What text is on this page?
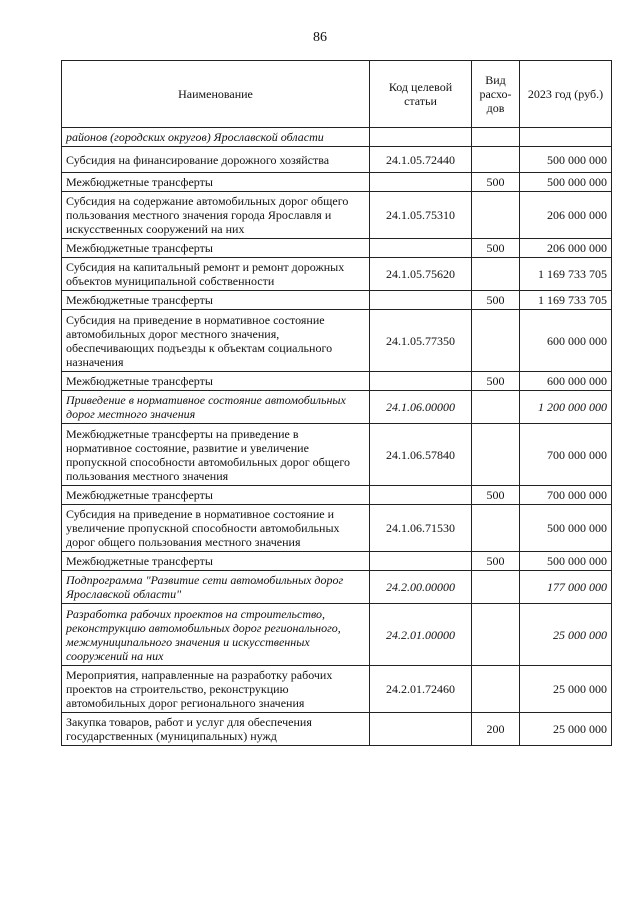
86
Наименование	Код целевой статьи	Вид расхо-дов	2023 год (руб.)
районов (городских округов) Ярославской области			
Субсидия на финансирование дорожного хозяйства	24.1.05.72440		500 000 000
Межбюджетные трансферты		500	500 000 000
Субсидия на содержание автомобильных дорог общего пользования местного значения города Ярославля и искусственных сооружений на них	24.1.05.75310		206 000 000
Межбюджетные трансферты		500	206 000 000
Субсидия на капитальный ремонт и ремонт дорожных объектов муниципальной собственности	24.1.05.75620		1 169 733 705
Межбюджетные трансферты		500	1 169 733 705
Субсидия на приведение в нормативное состояние автомобильных дорог местного значения, обеспечивающих подъезды к объектам социального назначения	24.1.05.77350		600 000 000
Межбюджетные трансферты		500	600 000 000
Приведение в нормативное состояние автомобильных дорог местного значения	24.1.06.00000		1 200 000 000
Межбюджетные трансферты на приведение в нормативное состояние, развитие и увеличение пропускной способности автомобильных дорог общего пользования местного значения	24.1.06.57840		700 000 000
Межбюджетные трансферты		500	700 000 000
Субсидия на приведение в нормативное состояние и увеличение пропускной способности автомобильных дорог общего пользования местного значения	24.1.06.71530		500 000 000
Межбюджетные трансферты		500	500 000 000
Подпрограмма "Развитие сети автомобильных дорог Ярославской области"	24.2.00.00000		177 000 000
Разработка рабочих проектов на строительство, реконструкцию автомобильных дорог регионального, межмуниципального значения и искусственных сооружений на них	24.2.01.00000		25 000 000
Мероприятия, направленные на разработку рабочих проектов на строительство, реконструкцию автомобильных дорог регионального значения	24.2.01.72460		25 000 000
Закупка товаров, работ и услуг для обеспечения государственных (муниципальных) нужд		200	25 000 000
